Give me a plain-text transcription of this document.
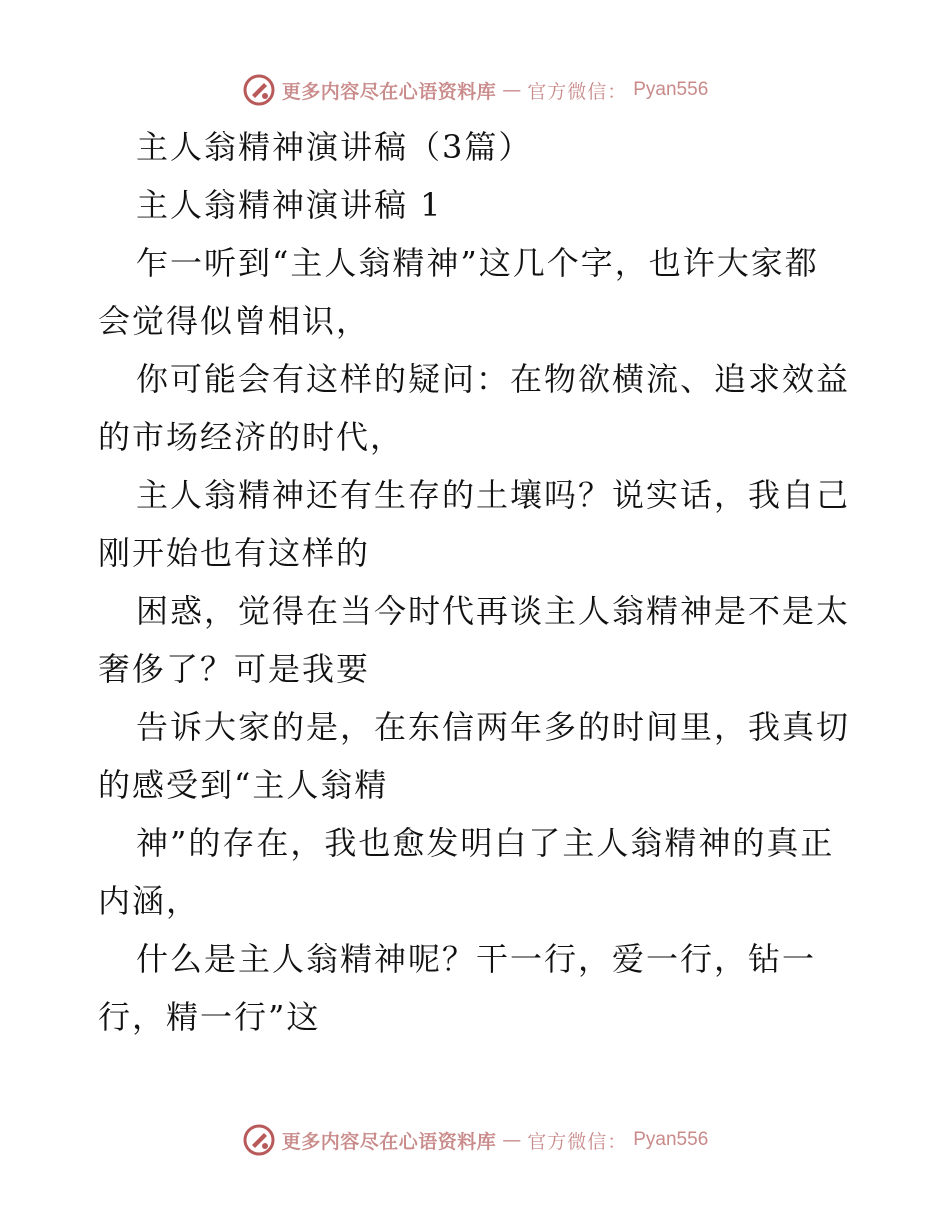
更多内容尽在心语资料库 — 官方微信： Pyan556
主人翁精神演讲稿（3篇）
主人翁精神演讲稿 1
乍一听到“主人翁精神”这几个字，也许大家都
会觉得似曾相识，
你可能会有这样的疑问：在物欲横流、追求效益
的市场经济的时代，
主人翁精神还有生存的土壤吗？说实话，我自己
刚开始也有这样的
困惑，觉得在当今时代再谈主人翁精神是不是太
奢侈了？可是我要
告诉大家的是，在东信两年多的时间里，我真切
的感受到“主人翁精
神”的存在，我也愈发明白了主人翁精神的真正
内涵，
什么是主人翁精神呢？干一行，爱一行，钻一
行，精一行”这
更多内容尽在心语资料库 — 官方微信： Pyan556
